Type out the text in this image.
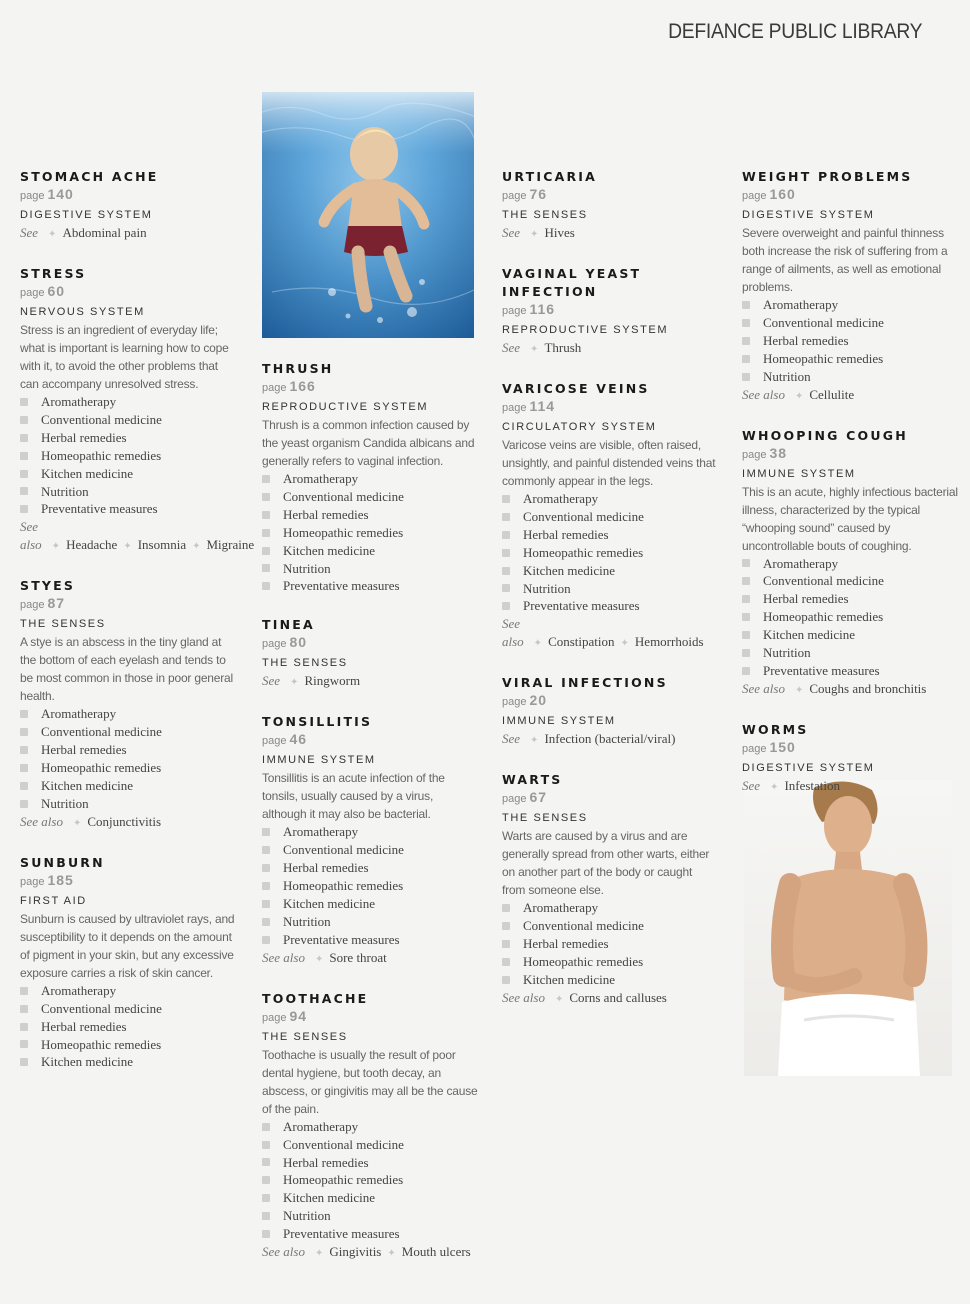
DEFIANCE PUBLIC LIBRARY
STOMACH ACHE
page 140
DIGESTIVE SYSTEM
See ✦ Abdominal pain
STRESS
page 60
NERVOUS SYSTEM
Stress is an ingredient of everyday life; what is important is learning how to cope with it, to avoid the other problems that can accompany unresolved stress.
Aromatherapy
Conventional medicine
Herbal remedies
Homeopathic remedies
Kitchen medicine
Nutrition
Preventative measures
See also ✦ Headache ✦ Insomnia ✦ Migraine
STYES
page 87
THE SENSES
A stye is an abscess in the tiny gland at the bottom of each eyelash and tends to be most common in those in poor general health.
Aromatherapy
Conventional medicine
Herbal remedies
Homeopathic remedies
Kitchen medicine
Nutrition
See also ✦ Conjunctivitis
SUNBURN
page 185
FIRST AID
Sunburn is caused by ultraviolet rays, and susceptibility to it depends on the amount of pigment in your skin, but any excessive exposure carries a risk of skin cancer.
Aromatherapy
Conventional medicine
Herbal remedies
Homeopathic remedies
Kitchen medicine
THRUSH
page 166
REPRODUCTIVE SYSTEM
Thrush is a common infection caused by the yeast organism Candida albicans and generally refers to vaginal infection.
Aromatherapy
Conventional medicine
Herbal remedies
Homeopathic remedies
Kitchen medicine
Nutrition
Preventative measures
TINEA
page 80
THE SENSES
See ✦ Ringworm
TONSILLITIS
page 46
IMMUNE SYSTEM
Tonsillitis is an acute infection of the tonsils, usually caused by a virus, although it may also be bacterial.
Aromatherapy
Conventional medicine
Herbal remedies
Homeopathic remedies
Kitchen medicine
Nutrition
Preventative measures
See also ✦ Sore throat
TOOTHACHE
page 94
THE SENSES
Toothache is usually the result of poor dental hygiene, but tooth decay, an abscess, or gingivitis may all be the cause of the pain.
Aromatherapy
Conventional medicine
Herbal remedies
Homeopathic remedies
Kitchen medicine
Nutrition
Preventative measures
See also ✦ Gingivitis ✦ Mouth ulcers
URTICARIA
page 76
THE SENSES
See ✦ Hives
VAGINAL YEAST INFECTION
page 116
REPRODUCTIVE SYSTEM
See ✦ Thrush
VARICOSE VEINS
page 114
CIRCULATORY SYSTEM
Varicose veins are visible, often raised, unsightly, and painful distended veins that commonly appear in the legs.
Aromatherapy
Conventional medicine
Herbal remedies
Homeopathic remedies
Kitchen medicine
Nutrition
Preventative measures
See also ✦ Constipation ✦ Hemorrhoids
VIRAL INFECTIONS
page 20
IMMUNE SYSTEM
See ✦ Infection (bacterial/viral)
WARTS
page 67
THE SENSES
Warts are caused by a virus and are generally spread from other warts, either on another part of the body or caught from someone else.
Aromatherapy
Conventional medicine
Herbal remedies
Homeopathic remedies
Kitchen medicine
See also ✦ Corns and calluses
WEIGHT PROBLEMS
page 160
DIGESTIVE SYSTEM
Severe overweight and painful thinness both increase the risk of suffering from a range of ailments, as well as emotional problems.
Aromatherapy
Conventional medicine
Herbal remedies
Homeopathic remedies
Nutrition
See also ✦ Cellulite
WHOOPING COUGH
page 38
IMMUNE SYSTEM
This is an acute, highly infectious bacterial illness, characterized by the typical “whooping sound” caused by uncontrollable bouts of coughing.
Aromatherapy
Conventional medicine
Herbal remedies
Homeopathic remedies
Kitchen medicine
Nutrition
Preventative measures
See also ✦ Coughs and bronchitis
WORMS
page 150
DIGESTIVE SYSTEM
See ✦ Infestation
